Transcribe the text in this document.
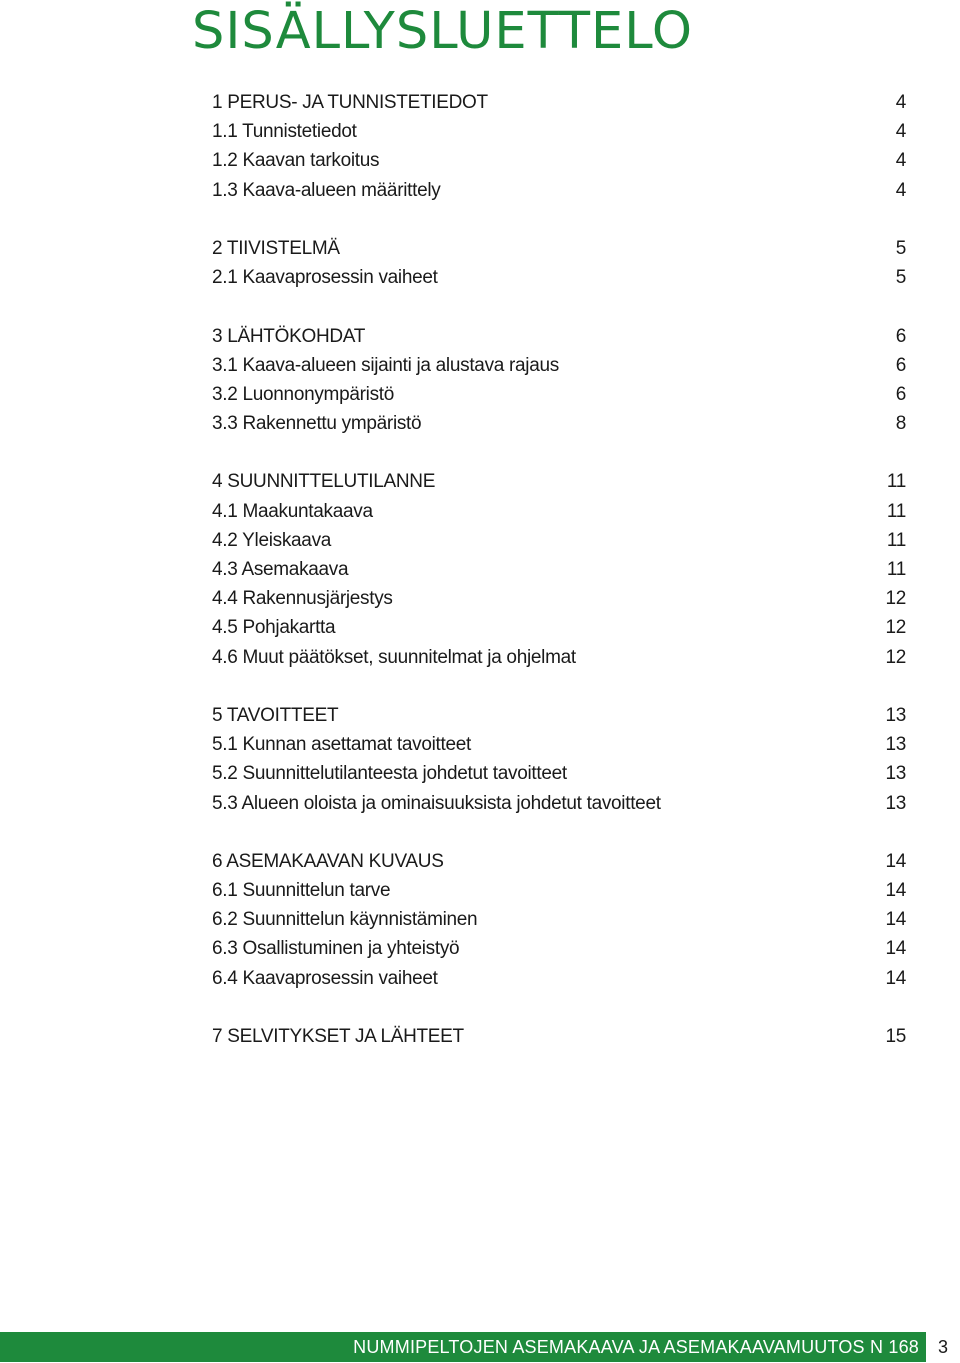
SISÄLLYSLUETTELO
1 PERUS- JA TUNNISTETIEDOT	4
1.1 Tunnistetiedot	4
1.2 Kaavan tarkoitus	4
1.3 Kaava-alueen määrittely	4
2 TIIVISTELMÄ	5
2.1 Kaavaprosessin vaiheet	5
3 LÄHTÖKOHDAT	6
3.1 Kaava-alueen sijainti ja alustava rajaus	6
3.2 Luonnonympäristö	6
3.3 Rakennettu ympäristö	8
4 SUUNNITTELUTILANNE	11
4.1 Maakuntakaava	11
4.2 Yleiskaava	11
4.3 Asemakaava	11
4.4 Rakennusjärjestys	12
4.5 Pohjakartta	12
4.6 Muut päätökset, suunnitelmat ja ohjelmat	12
5 TAVOITTEET	13
5.1 Kunnan asettamat tavoitteet	13
5.2 Suunnittelutilanteesta johdetut tavoitteet	13
5.3 Alueen oloista ja ominaisuuksista johdetut tavoitteet	13
6 ASEMAKAAVAN KUVAUS	14
6.1 Suunnittelun tarve	14
6.2 Suunnittelun käynnistäminen	14
6.3 Osallistuminen ja yhteistyö	14
6.4 Kaavaprosessin vaiheet	14
7 SELVITYKSET JA LÄHTEET	15
NUMMIPELTOJEN ASEMAKAAVA JA ASEMAKAAVAMUUTOS N 168	3
